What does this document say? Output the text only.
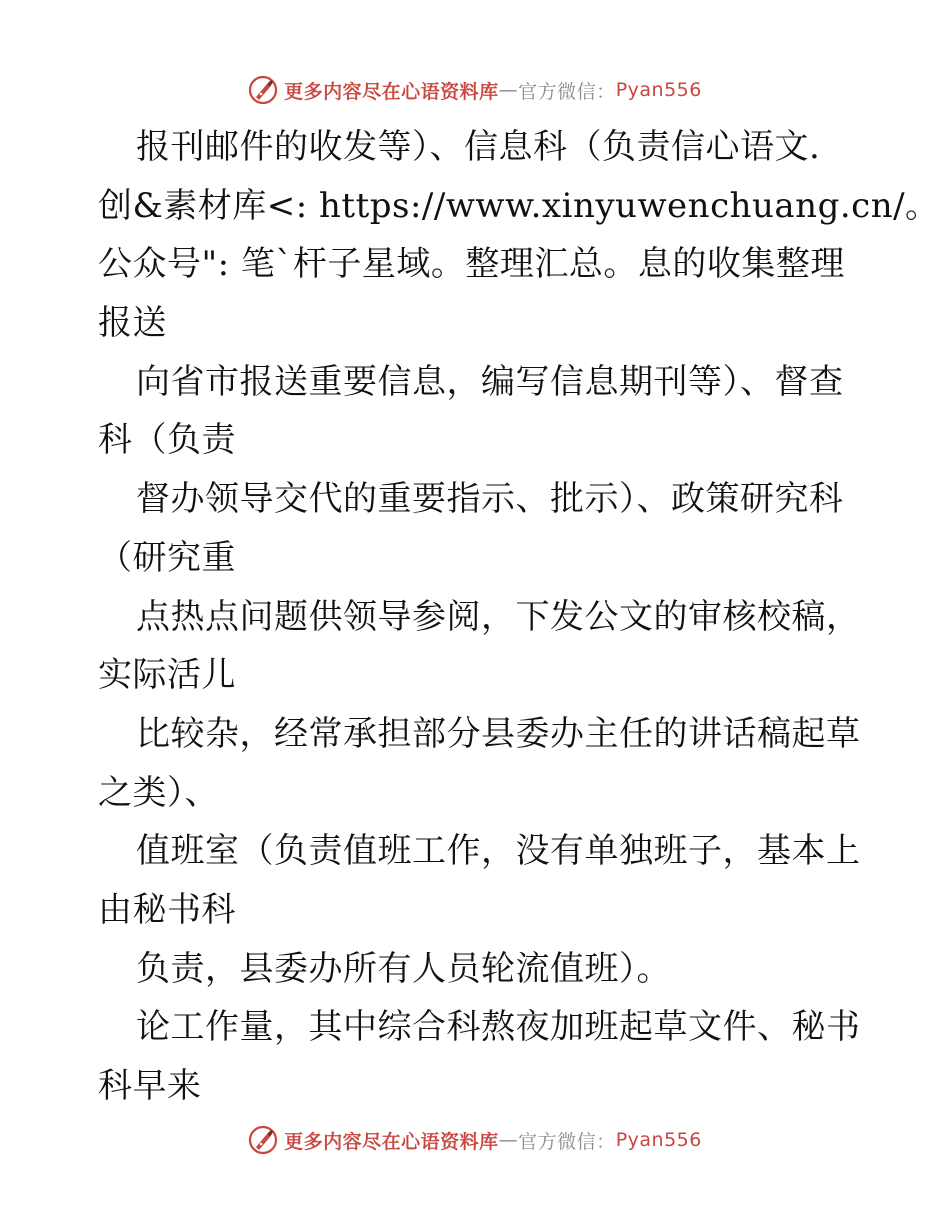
更多内容尽在心语资料库 — 官方微信： Pyan556
报刊邮件的收发等）、信息科（负责信心语文.
创&素材库<: https://www.xinyuwenchuang.cn/。
公众号": 笔`杆子星域。整理汇总。息的收集整理
报送
向省市报送重要信息，编写信息期刊等）、督查
科（负责
督办领导交代的重要指示、批示）、政策研究科
（研究重
点热点问题供领导参阅，下发公文的审核校稿，
实际活儿
比较杂，经常承担部分县委办主任的讲话稿起草
之类）、
值班室（负责值班工作，没有单独班子，基本上
由秘书科
负责，县委办所有人员轮流值班）。
论工作量，其中综合科熬夜加班起草文件、秘书
科早来
更多内容尽在心语资料库 — 官方微信： Pyan556
